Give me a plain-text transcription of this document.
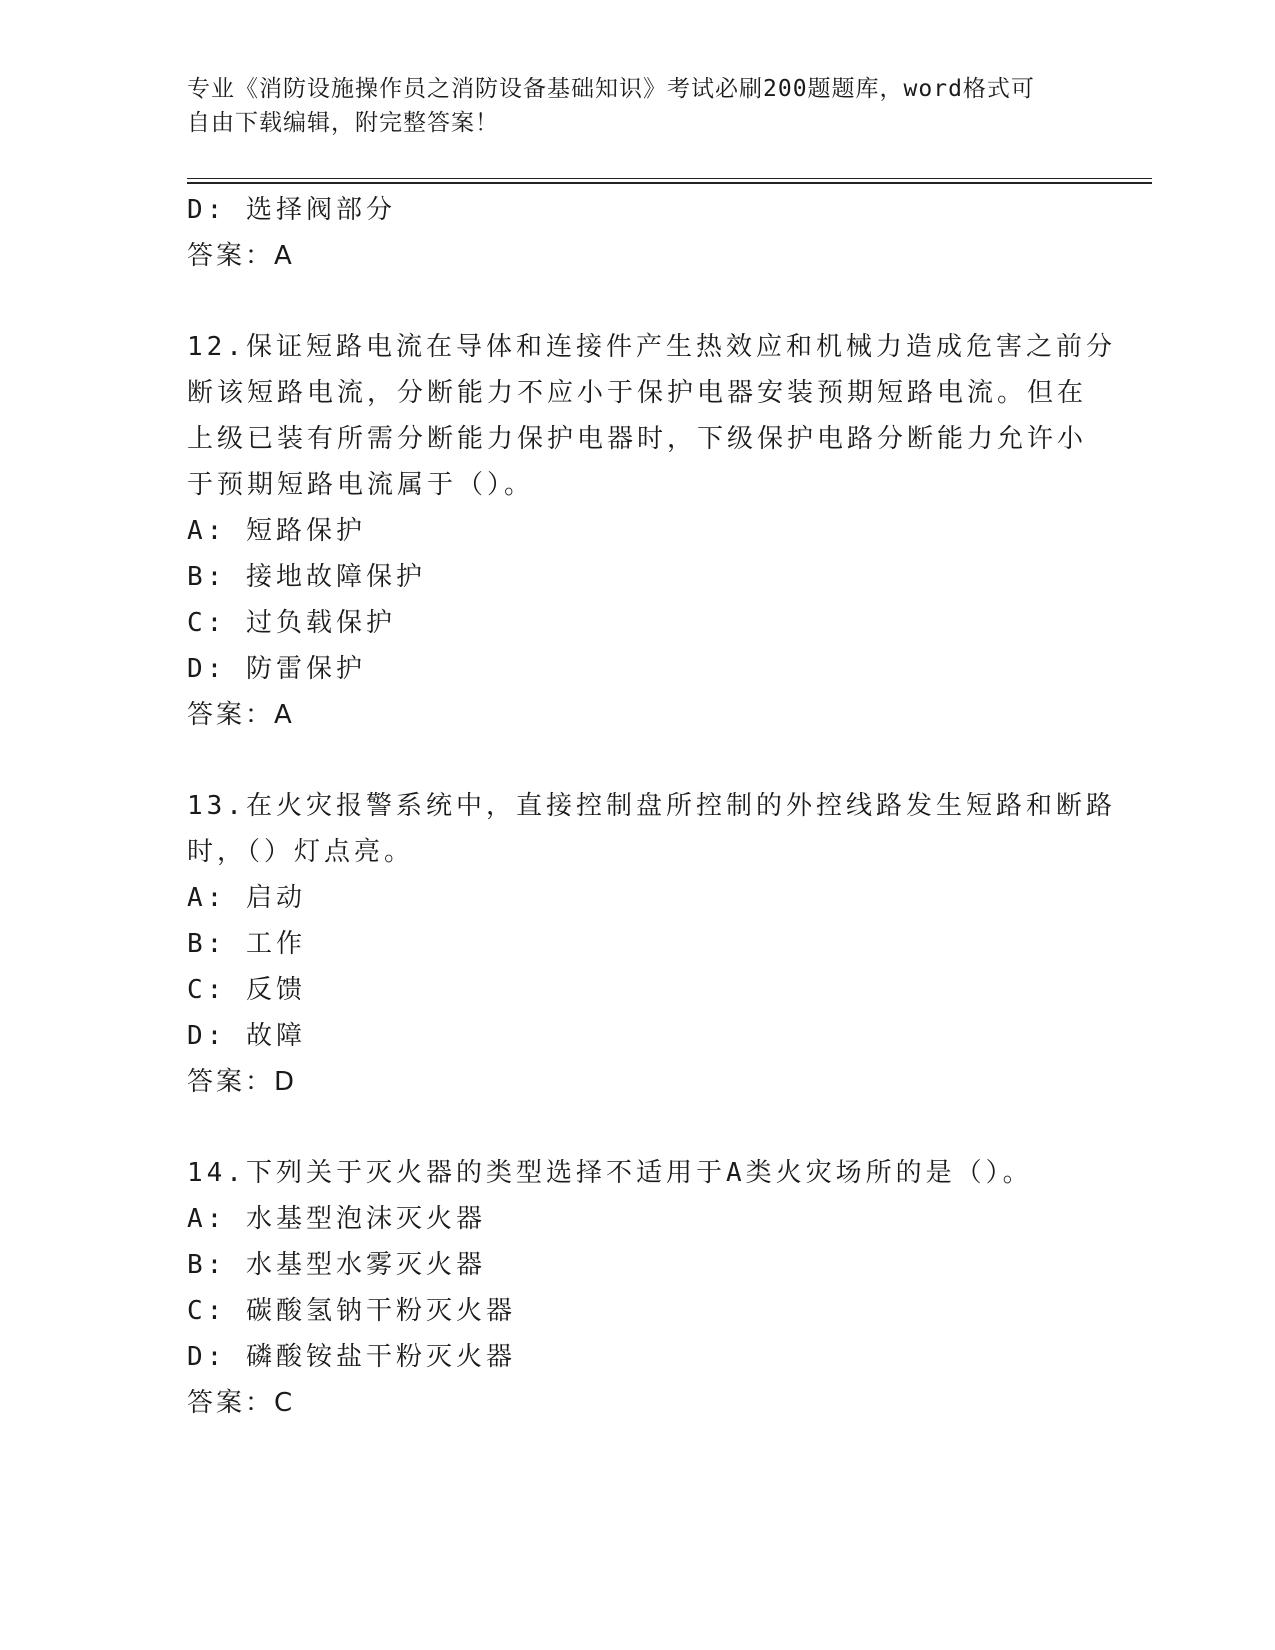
专业《消防设施操作员之消防设备基础知识》考试必刷200题题库，word格式可
自由下载编辑，附完整答案！
D: 选择阀部分
答案：A
12.保证短路电流在导体和连接件产生热效应和机械力造成危害之前分
断该短路电流，分断能力不应小于保护电器安装预期短路电流。但在
上级已装有所需分断能力保护电器时，下级保护电路分断能力允许小
于预期短路电流属于（）。
A: 短路保护
B: 接地故障保护
C: 过负载保护
D: 防雷保护
答案：A
13.在火灾报警系统中，直接控制盘所控制的外控线路发生短路和断路
时，（）灯点亮。
A: 启动
B: 工作
C: 反馈
D: 故障
答案：D
14.下列关于灭火器的类型选择不适用于A类火灾场所的是（）。
A: 水基型泡沫灭火器
B: 水基型水雾灭火器
C: 碳酸氢钠干粉灭火器
D: 磷酸铵盐干粉灭火器
答案：C
